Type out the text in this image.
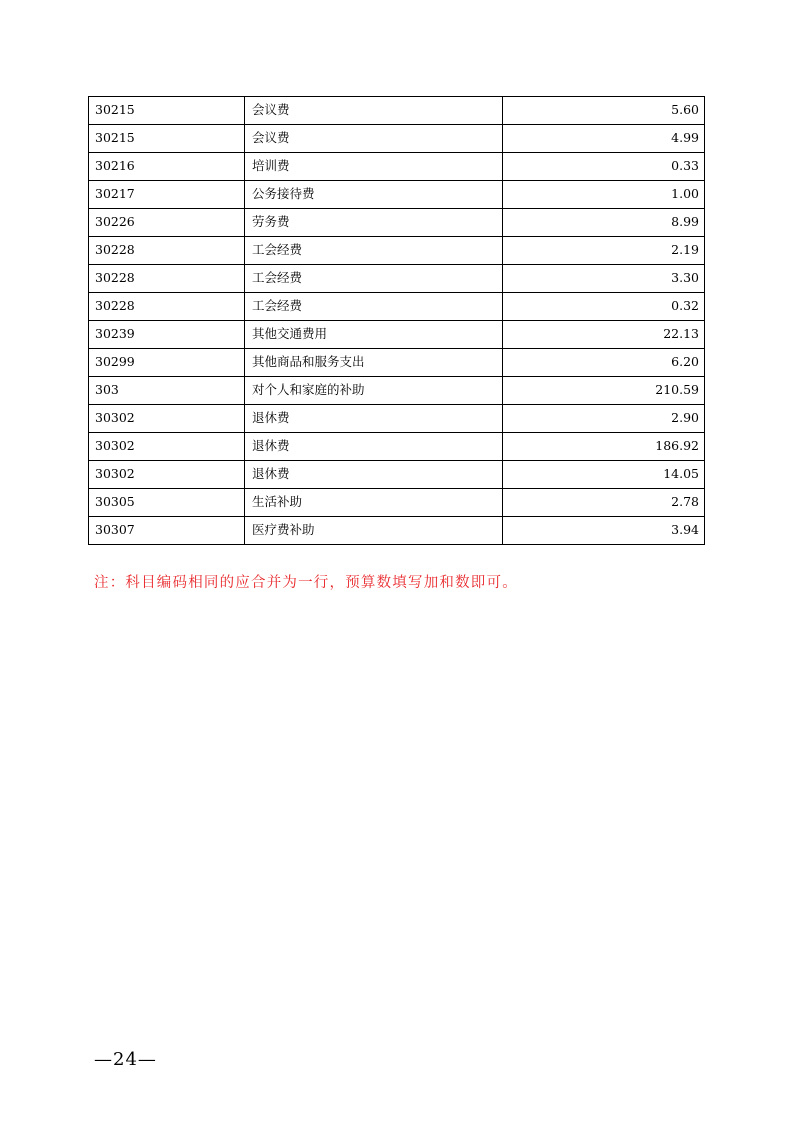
30215	会议费	5.60
30215	会议费	4.99
30216	培训费	0.33
30217	公务接待费	1.00
30226	劳务费	8.99
30228	工会经费	2.19
30228	工会经费	3.30
30228	工会经费	0.32
30239	其他交通费用	22.13
30299	其他商品和服务支出	6.20
303	对个人和家庭的补助	210.59
30302	退休费	2.90
30302	退休费	186.92
30302	退休费	14.05
30305	生活补助	2.78
30307	医疗费补助	3.94
注：科目编码相同的应合并为一行，预算数填写加和数即可。
—24—
